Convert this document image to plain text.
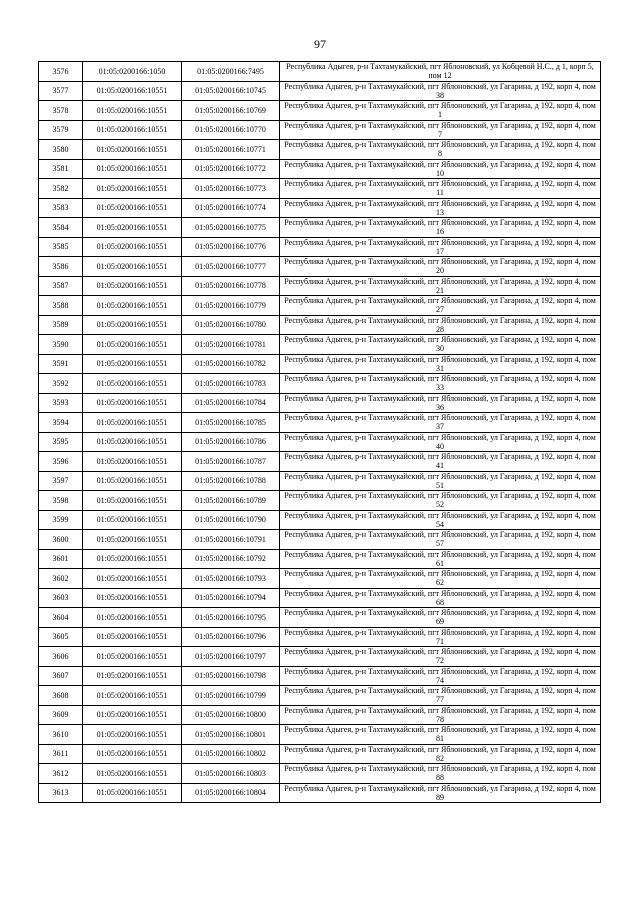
97
3576	01:05:0200166:1050	01:05:0200166:7495	Республика Адыгея, р-н Тахтамукайский, пгт Яблоновский, ул Кобцевой Н.С., д 1, корп 5, пом 12
3577	01:05:0200166:10551	01:05:0200166:10745	Республика Адыгея, р-н Тахтамукайский, пгт Яблоновский, ул Гагарина, д 192, корп 4, пом 38
3578	01:05:0200166:10551	01:05:0200166:10769	Республика Адыгея, р-н Тахтамукайский, пгт Яблоновский, ул Гагарина, д 192, корп 4, пом 1
3579	01:05:0200166:10551	01:05:0200166:10770	Республика Адыгея, р-н Тахтамукайский, пгт Яблоновский, ул Гагарина, д 192, корп 4, пом 7
3580	01:05:0200166:10551	01:05:0200166:10771	Республика Адыгея, р-н Тахтамукайский, пгт Яблоновский, ул Гагарина, д 192, корп 4, пом 8
3581	01:05:0200166:10551	01:05:0200166:10772	Республика Адыгея, р-н Тахтамукайский, пгт Яблоновский, ул Гагарина, д 192, корп 4, пом 10
3582	01:05:0200166:10551	01:05:0200166:10773	Республика Адыгея, р-н Тахтамукайский, пгт Яблоновский, ул Гагарина, д 192, корп 4, пом 11
3583	01:05:0200166:10551	01:05:0200166:10774	Республика Адыгея, р-н Тахтамукайский, пгт Яблоновский, ул Гагарина, д 192, корп 4, пом 13
3584	01:05:0200166:10551	01:05:0200166:10775	Республика Адыгея, р-н Тахтамукайский, пгт Яблоновский, ул Гагарина, д 192, корп 4, пом 16
3585	01:05:0200166:10551	01:05:0200166:10776	Республика Адыгея, р-н Тахтамукайский, пгт Яблоновский, ул Гагарина, д 192, корп 4, пом 17
3586	01:05:0200166:10551	01:05:0200166:10777	Республика Адыгея, р-н Тахтамукайский, пгт Яблоновский, ул Гагарина, д 192, корп 4, пом 20
3587	01:05:0200166:10551	01:05:0200166:10778	Республика Адыгея, р-н Тахтамукайский, пгт Яблоновский, ул Гагарина, д 192, корп 4, пом 21
3588	01:05:0200166:10551	01:05:0200166:10779	Республика Адыгея, р-н Тахтамукайский, пгт Яблоновский, ул Гагарина, д 192, корп 4, пом 27
3589	01:05:0200166:10551	01:05:0200166:10780	Республика Адыгея, р-н Тахтамукайский, пгт Яблоновский, ул Гагарина, д 192, корп 4, пом 28
3590	01:05:0200166:10551	01:05:0200166:10781	Республика Адыгея, р-н Тахтамукайский, пгт Яблоновский, ул Гагарина, д 192, корп 4, пом 30
3591	01:05:0200166:10551	01:05:0200166:10782	Республика Адыгея, р-н Тахтамукайский, пгт Яблоновский, ул Гагарина, д 192, корп 4, пом 31
3592	01:05:0200166:10551	01:05:0200166:10783	Республика Адыгея, р-н Тахтамукайский, пгт Яблоновский, ул Гагарина, д 192, корп 4, пом 33
3593	01:05:0200166:10551	01:05:0200166:10784	Республика Адыгея, р-н Тахтамукайский, пгт Яблоновский, ул Гагарина, д 192, корп 4, пом 36
3594	01:05:0200166:10551	01:05:0200166:10785	Республика Адыгея, р-н Тахтамукайский, пгт Яблоновский, ул Гагарина, д 192, корп 4, пом 37
3595	01:05:0200166:10551	01:05:0200166:10786	Республика Адыгея, р-н Тахтамукайский, пгт Яблоновский, ул Гагарина, д 192, корп 4, пом 40
3596	01:05:0200166:10551	01:05:0200166:10787	Республика Адыгея, р-н Тахтамукайский, пгт Яблоновский, ул Гагарина, д 192, корп 4, пом 41
3597	01:05:0200166:10551	01:05:0200166:10788	Республика Адыгея, р-н Тахтамукайский, пгт Яблоновский, ул Гагарина, д 192, корп 4, пом 51
3598	01:05:0200166:10551	01:05:0200166:10789	Республика Адыгея, р-н Тахтамукайский, пгт Яблоновский, ул Гагарина, д 192, корп 4, пом 52
3599	01:05:0200166:10551	01:05:0200166:10790	Республика Адыгея, р-н Тахтамукайский, пгт Яблоновский, ул Гагарина, д 192, корп 4, пом 54
3600	01:05:0200166:10551	01:05:0200166:10791	Республика Адыгея, р-н Тахтамукайский, пгт Яблоновский, ул Гагарина, д 192, корп 4, пом 57
3601	01:05:0200166:10551	01:05:0200166:10792	Республика Адыгея, р-н Тахтамукайский, пгт Яблоновский, ул Гагарина, д 192, корп 4, пом 61
3602	01:05:0200166:10551	01:05:0200166:10793	Республика Адыгея, р-н Тахтамукайский, пгт Яблоновский, ул Гагарина, д 192, корп 4, пом 62
3603	01:05:0200166:10551	01:05:0200166:10794	Республика Адыгея, р-н Тахтамукайский, пгт Яблоновский, ул Гагарина, д 192, корп 4, пом 68
3604	01:05:0200166:10551	01:05:0200166:10795	Республика Адыгея, р-н Тахтамукайский, пгт Яблоновский, ул Гагарина, д 192, корп 4, пом 69
3605	01:05:0200166:10551	01:05:0200166:10796	Республика Адыгея, р-н Тахтамукайский, пгт Яблоновский, ул Гагарина, д 192, корп 4, пом 71
3606	01:05:0200166:10551	01:05:0200166:10797	Республика Адыгея, р-н Тахтамукайский, пгт Яблоновский, ул Гагарина, д 192, корп 4, пом 72
3607	01:05:0200166:10551	01:05:0200166:10798	Республика Адыгея, р-н Тахтамукайский, пгт Яблоновский, ул Гагарина, д 192, корп 4, пом 74
3608	01:05:0200166:10551	01:05:0200166:10799	Республика Адыгея, р-н Тахтамукайский, пгт Яблоновский, ул Гагарина, д 192, корп 4, пом 77
3609	01:05:0200166:10551	01:05:0200166:10800	Республика Адыгея, р-н Тахтамукайский, пгт Яблоновский, ул Гагарина, д 192, корп 4, пом 78
3610	01:05:0200166:10551	01:05:0200166:10801	Республика Адыгея, р-н Тахтамукайский, пгт Яблоновский, ул Гагарина, д 192, корп 4, пом 81
3611	01:05:0200166:10551	01:05:0200166:10802	Республика Адыгея, р-н Тахтамукайский, пгт Яблоновский, ул Гагарина, д 192, корп 4, пом 82
3612	01:05:0200166:10551	01:05:0200166:10803	Республика Адыгея, р-н Тахтамукайский, пгт Яблоновский, ул Гагарина, д 192, корп 4, пом 88
3613	01:05:0200166:10551	01:05:0200166:10804	Республика Адыгея, р-н Тахтамукайский, пгт Яблоновский, ул Гагарина, д 192, корп 4, пом 89
